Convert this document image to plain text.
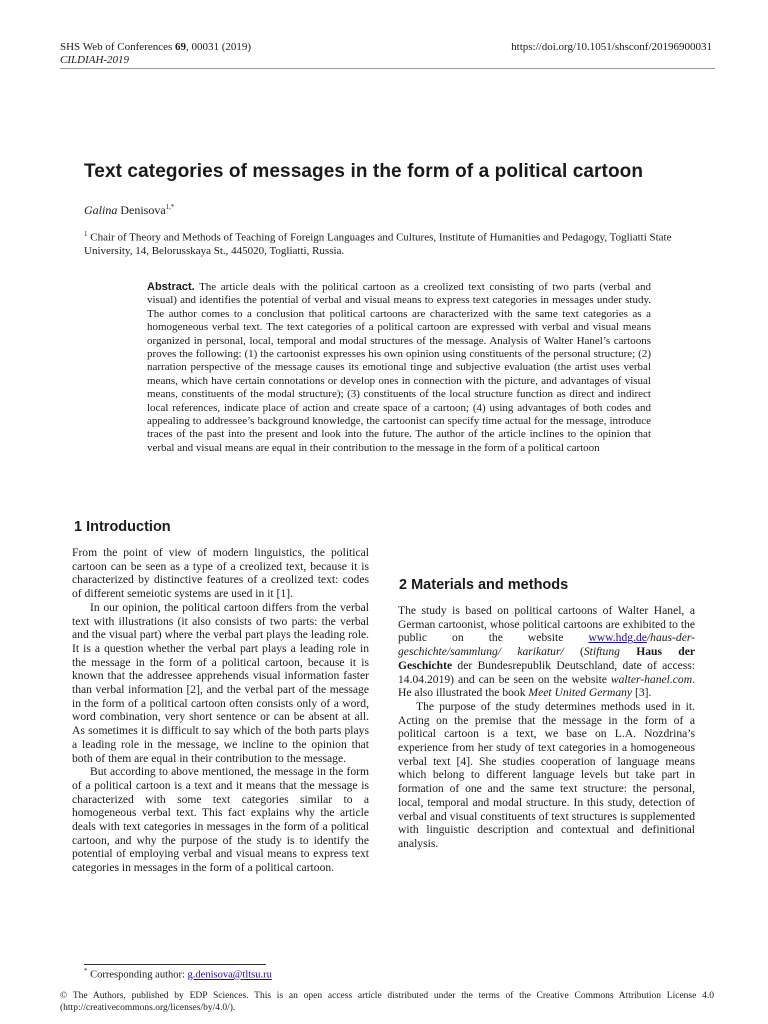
SHS Web of Conferences 69, 00031 (2019)
CILDIAH-2019
https://doi.org/10.1051/shsconf/20196900031
Text categories of messages in the form of a political cartoon
Galina Denisova$^{1,*}$
$^1$ Chair of Theory and Methods of Teaching of Foreign Languages and Cultures, Institute of Humanities and Pedagogy, Togliatti State University, 14, Belorusskaya St., 445020, Togliatti, Russia.
Abstract. The article deals with the political cartoon as a creolized text consisting of two parts (verbal and visual) and identifies the potential of verbal and visual means to express text categories in messages under study. The author comes to a conclusion that political cartoons are characterized with the same text categories as a homogeneous verbal text. The text categories of a political cartoon are expressed with verbal and visual means organized in personal, local, temporal and modal structures of the message. Analysis of Walter Hanel’s cartoons proves the following: (1) the cartoonist expresses his own opinion using constituents of the personal structure; (2) narration perspective of the message causes its emotional tinge and subjective evaluation (the artist uses verbal means, which have certain connotations or develop ones in connection with the picture, and advantages of visual means, constituents of the modal structure); (3) constituents of the local structure function as direct and indirect local references, indicate place of action and create space of a cartoon; (4) using advantages of both codes and appealing to addressee’s background knowledge, the cartoonist can specify time actual for the message, introduce traces of the past into the present and look into the future. The author of the article inclines to the opinion that verbal and visual means are equal in their contribution to the message in the form of a political cartoon
1 Introduction

From the point of view of modern linguistics, the political cartoon can be seen as a type of a creolized text, because it is characterized by distinctive features of a creolized text: codes of different semeiotic systems are used in it [1].

In our opinion, the political cartoon differs from the verbal text with illustrations (it also consists of two parts: the verbal and the visual part) where the verbal part plays the leading role. It is a question whether the verbal part plays a leading role in the message in the form of a political cartoon, because it is known that the addressee apprehends visual information faster than verbal information [2], and the verbal part of the message in the form of a political cartoon often consists only of a word, word combination, very short sentence or can be absent at all. As sometimes it is difficult to say which of the both parts plays a leading role in the message, we incline to the opinion that both of them are equal in their contribution to the message.

But according to above mentioned, the message in the form of a political cartoon is a text and it means that the message is characterized with some text categories similar to a homogeneous verbal text. This fact explains why the article deals with text categories in messages in the form of a political cartoon, and why the purpose of the study is to identify the potential of employing verbal and visual means to express text categories in messages in the form of a political cartoon.

2 Materials and methods

The study is based on political cartoons of Walter Hanel, a German cartoonist, whose political cartoons are exhibited to the public on the website www.hdg.de/haus-der-geschichte/sammlung/ karikatur/ (Stiftung Haus der Geschichte der Bundesrepublik Deutschland, date of access: 14.04.2019) and can be seen on the website walter-hanel.com. He also illustrated the book Meet United Germany [3].

The purpose of the study determines methods used in it. Acting on the premise that the message in the form of a political cartoon is a text, we base on L.A. Nozdrina’s experience from her study of text categories in a homogeneous verbal text [4]. She studies cooperation of language means which belong to different language levels but take part in formation of one and the same text structure: the personal, local, temporal and modal structure. In this study, detection of verbal and visual constituents of text structures is supplemented with linguistic description and contextual and definitional analysis.

* Corresponding author: g.denisova@tltsu.ru
© The Authors, published by EDP Sciences. This is an open access article distributed under the terms of the Creative Commons Attribution License 4.0 (http://creativecommons.org/licenses/by/4.0/).
